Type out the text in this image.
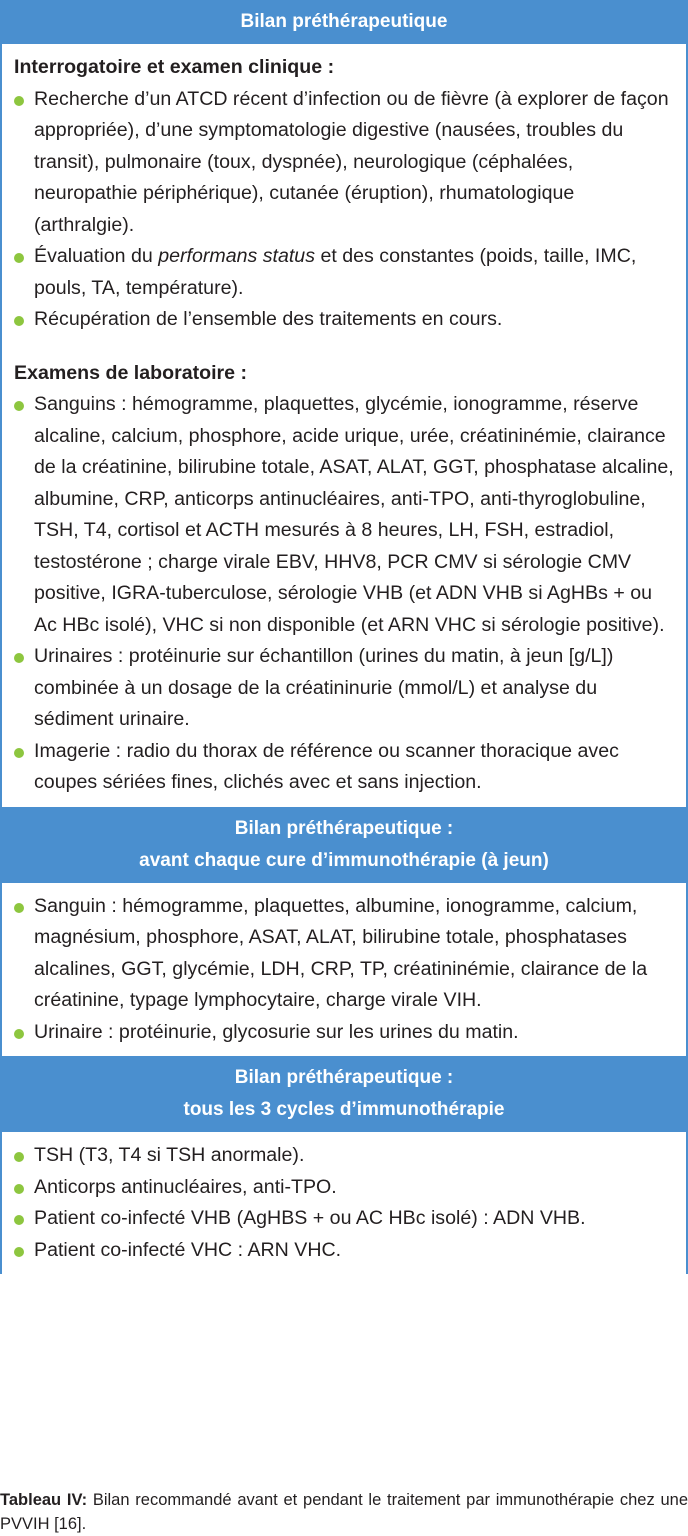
Bilan préthérapeutique
Interrogatoire et examen clinique :
Recherche d’un ATCD récent d’infection ou de fièvre (à explorer de façon appropriée), d’une symptomatologie digestive (nausées, troubles du transit), pulmonaire (toux, dyspnée), neurologique (céphalées, neuropathie périphérique), cutanée (éruption), rhumatologique (arthralgie).
Évaluation du performans status et des constantes (poids, taille, IMC, pouls, TA, température).
Récupération de l’ensemble des traitements en cours.
Examens de laboratoire :
Sanguins : hémogramme, plaquettes, glycémie, ionogramme, réserve alcaline, calcium, phosphore, acide urique, urée, créatininémie, clairance de la créatinine, bilirubine totale, ASAT, ALAT, GGT, phosphatase alcaline, albumine, CRP, anticorps antinucléaires, anti-TPO, anti-thyroglobuline, TSH, T4, cortisol et ACTH mesurés à 8 heures, LH, FSH, estradiol, testostérone ; charge virale EBV, HHV8, PCR CMV si sérologie CMV positive, IGRA-tuberculose, sérologie VHB (et ADN VHB si AgHBs + ou Ac HBc isolé), VHC si non disponible (et ARN VHC si sérologie positive).
Urinaires : protéinurie sur échantillon (urines du matin, à jeun [g/L]) combinée à un dosage de la créatininurie (mmol/L) et analyse du sédiment urinaire.
Imagerie : radio du thorax de référence ou scanner thoracique avec coupes sériées fines, clichés avec et sans injection.
Bilan préthérapeutique :
avant chaque cure d’immunothérapie (à jeun)
Sanguin : hémogramme, plaquettes, albumine, ionogramme, calcium, magnésium, phosphore, ASAT, ALAT, bilirubine totale, phosphatases alcalines, GGT, glycémie, LDH, CRP, TP, créatininémie, clairance de la créatinine, typage lymphocytaire, charge virale VIH.
Urinaire : protéinurie, glycosurie sur les urines du matin.
Bilan préthérapeutique :
tous les 3 cycles d’immunothérapie
TSH (T3, T4 si TSH anormale).
Anticorps antinucléaires, anti-TPO.
Patient co-infecté VHB (AgHBS + ou AC HBc isolé) : ADN VHB.
Patient co-infecté VHC : ARN VHC.
Tableau IV: Bilan recommandé avant et pendant le traitement par immunothérapie chez une PVVIH [16].
